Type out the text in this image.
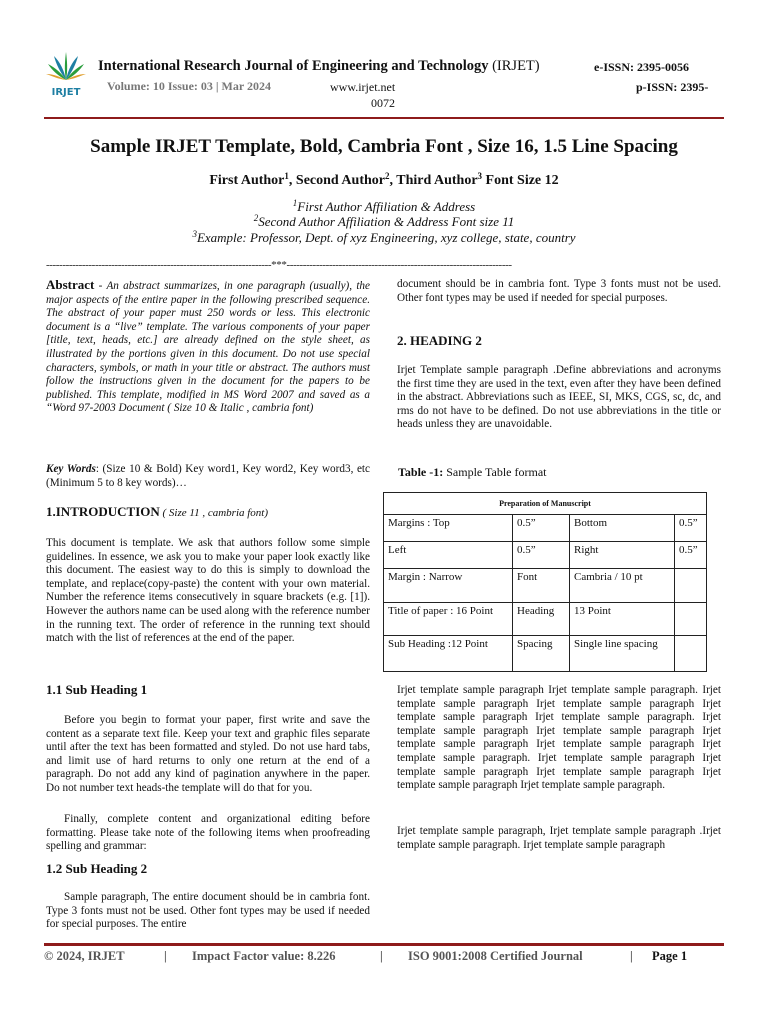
IRJET
International Research Journal of Engineering and Technology (IRJET)	e-ISSN: 2395-0056
Volume: 10 Issue: 03 | Mar 2024	www.irjet.net	p-ISSN: 2395-
0072
Sample IRJET Template, Bold, Cambria Font , Size 16, 1.5 Line Spacing
First Author$^1$, Second Author$^2$, Third Author$^3$ Font Size 12
$^1$First Author Affiliation & Address
$^2$Second Author Affiliation & Address Font size 11
$^3$Example: Professor, Dept. of xyz Engineering, xyz college, state, country
---------------------------------------------------------------------***---------------------------------------------------------------------

Abstract - An abstract summarizes, in one paragraph (usually), the major aspects of the entire paper in the following prescribed sequence. The abstract of your paper must 250 words or less. This electronic document is a “live” template. The various components of your paper [title, text, heads, etc.] are already defined on the style sheet, as illustrated by the portions given in this document. Do not use special characters, symbols, or math in your title or abstract. The authors must follow the instructions given in the document for the papers to be published. This template, modified in MS Word 2007 and saved as a “Word 97-2003 Document ( Size 10 & Italic , cambria font)

Key Words: (Size 10 & Bold) Key word1, Key word2, Key word3, etc (Minimum 5 to 8 key words)…

1.INTRODUCTION ( Size 11 , cambria font)

This document is template. We ask that authors follow some simple guidelines. In essence, we ask you to make your paper look exactly like this document. The easiest way to do this is simply to download the template, and replace(copy-paste) the content with your own material. Number the reference items consecutively in square brackets (e.g. [1]). However the authors name can be used along with the reference number in the running text. The order of reference in the running text should match with the list of references at the end of the paper.

1.1 Sub Heading 1

Before you begin to format your paper, first write and save the content as a separate text file. Keep your text and graphic files separate until after the text has been formatted and styled. Do not use hard tabs, and limit use of hard returns to only one return at the end of a paragraph. Do not add any kind of pagination anywhere in the paper. Do not number text heads-the template will do that for you.

Finally, complete content and organizational editing before formatting. Please take note of the following items when proofreading spelling and grammar:

1.2 Sub Heading 2

Sample paragraph, The entire document should be in cambria font. Type 3 fonts must not be used. Other font types may be used if needed for special purposes. The entire

document should be in cambria font. Type 3 fonts must not be used. Other font types may be used if needed for special purposes.

2. HEADING 2

Irjet Template sample paragraph .Define abbreviations and acronyms the first time they are used in the text, even after they have been defined in the abstract. Abbreviations such as IEEE, SI, MKS, CGS, sc, dc, and rms do not have to be defined. Do not use abbreviations in the title or heads unless they are unavoidable.

Table -1: Sample Table format
Preparation of Manuscript			
Margins : Top	0.5”	Bottom	0.5”
Left	0.5”	Right	0.5”
Margin : Narrow	Font	Cambria / 10 pt	
Title of paper : 16 Point	Heading	13 Point	
Sub Heading :12 Point	Spacing	Single line spacing	

Irjet template sample paragraph Irjet template sample paragraph. Irjet template sample paragraph Irjet template sample paragraph Irjet template sample paragraph Irjet template sample paragraph. Irjet template sample paragraph Irjet template sample paragraph Irjet template sample paragraph Irjet template sample paragraph Irjet template sample paragraph. Irjet template sample paragraph Irjet template sample paragraph Irjet template sample paragraph Irjet template sample paragraph Irjet template sample paragraph.

Irjet template sample paragraph, Irjet template sample paragraph .Irjet template sample paragraph. Irjet template sample paragraph

© 2024, IRJET	| Impact Factor value: 8.226	| ISO 9001:2008 Certified Journal	| Page 1
